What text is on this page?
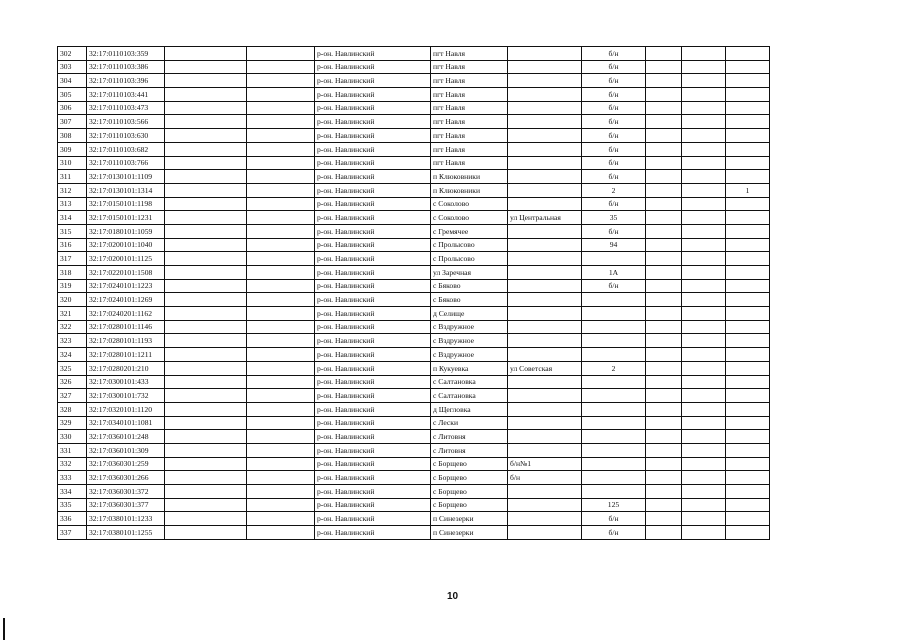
302	32:17:0110103:359			р-он. Навлинский	пгт Навля		б/н			
303	32:17:0110103:386			р-он. Навлинский	пгт Навля		б/н			
304	32:17:0110103:396			р-он. Навлинский	пгт Навля		б/н			
305	32:17:0110103:441			р-он. Навлинский	пгт Навля		б/н			
306	32:17:0110103:473			р-он. Навлинский	пгт Навля		б/н			
307	32:17:0110103:566			р-он. Навлинский	пгт Навля		б/н			
308	32:17:0110103:630			р-он. Навлинский	пгт Навля		б/н			
309	32:17:0110103:682			р-он. Навлинский	пгт Навля		б/н			
310	32:17:0110103:766			р-он. Навлинский	пгт Навля		б/н			
311	32:17:0130101:1109			р-он. Навлинский	п Клюковники		б/н			
312	32:17:0130101:1314			р-он. Навлинский	п Клюковники		2			1
313	32:17:0150101:1198			р-он. Навлинский	с Соколово		б/н			
314	32:17:0150101:1231			р-он. Навлинский	с Соколово	ул Центральная	35			
315	32:17:0180101:1059			р-он. Навлинский	с Гремячее		б/н			
316	32:17:0200101:1040			р-он. Навлинский	с Пролысово		94			
317	32:17:0200101:1125			р-он. Навлинский	с Пролысово					
318	32:17:0220101:1508			р-он. Навлинский	ул Заречная		1А			
319	32:17:0240101:1223			р-он. Навлинский	с Бяково		б/н			
320	32:17:0240101:1269			р-он. Навлинский	с Бяково					
321	32:17:0240201:1162			р-он. Навлинский	д Селище					
322	32:17:0280101:1146			р-он. Навлинский	с Вздружное					
323	32:17:0280101:1193			р-он. Навлинский	с Вздружное					
324	32:17:0280101:1211			р-он. Навлинский	с Вздружное					
325	32:17:0280201:210			р-он. Навлинский	п Кукуевка	ул Советская	2			
326	32:17:0300101:433			р-он. Навлинский	с Салтановка					
327	32:17:0300101:732			р-он. Навлинский	с Салтановка					
328	32:17:0320101:1120			р-он. Навлинский	д Щегловка					
329	32:17:0340101:1081			р-он. Навлинский	с Лески					
330	32:17:0360101:248			р-он. Навлинский	с Литовня					
331	32:17:0360101:309			р-он. Навлинский	с Литовня					
332	32:17:0360301:259			р-он. Навлинский	с Борщево	б/н№1				
333	32:17:0360301:266			р-он. Навлинский	с Борщево	б/н				
334	32:17:0360301:372			р-он. Навлинский	с Борщево					
335	32:17:0360301:377			р-он. Навлинский	с Борщево		125			
336	32:17:0380101:1233			р-он. Навлинский	п Синезерки		б/н			
337	32:17:0380101:1255			р-он. Навлинский	п Синезерки		б/н			
10
